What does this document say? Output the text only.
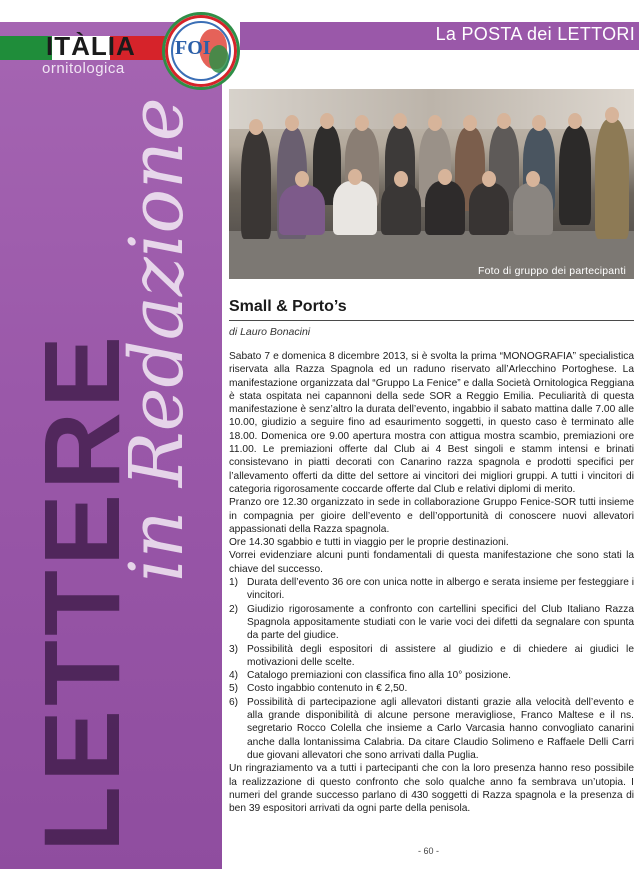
LETTERE
in Redazione
ITÀLIA
ornitologica
FOI
La POSTA dei LETTORI
Foto di gruppo dei partecipanti
Small & Porto’s
di Lauro Bonacini

Sabato 7 e domenica 8 dicembre 2013, si è svolta la prima “MONOGRAFIA” specialistica riservata alla Razza Spagnola ed un raduno riservato all’Arlecchino Portoghese. La manifestazione organizzata dal “Gruppo La Fenice” e dalla Società Ornitologica Reggiana è stata ospitata nei capannoni della sede SOR a Reggio Emilia. Peculiarità di questa manifestazione è senz’altro la durata dell’evento, ingabbio il sabato mattina dalle 7.00 alle 10.00, giudizio a seguire fino ad esaurimento soggetti, in questo caso è terminato alle 18.00. Domenica ore 9.00 apertura mostra con attigua mostra scambio, premiazioni ore 11.00. Le premiazioni offerte dal Club ai 4 Best singoli e stamm intensi e brinati consistevano in piatti decorati con Canarino razza spagnola e prodotti specifici per l’allevamento offerti da ditte del settore ai vincitori dei migliori gruppi. A tutti i vincitori di categoria rigorosamente coccarde offerte dal Club e relativi diplomi di merito.

Pranzo ore 12.30 organizzato in sede in collaborazione Gruppo Fenice-SOR tutti insieme in compagnia per gioire dell’evento e dell’opportunità di conoscere nuovi allevatori appassionati della Razza spagnola.

Ore 14.30 sgabbio e tutti in viaggio per le proprie destinazioni.

Vorrei evidenziare alcuni punti fondamentali di questa manifestazione che sono stati la chiave del successo.

1) Durata dell’evento 36 ore con unica notte in albergo e serata insieme per festeggiare i vincitori.
2) Giudizio rigorosamente a confronto con cartellini specifici del Club Italiano Razza Spagnola appositamente studiati con le varie voci dei difetti da segnalare con spunta da parte del giudice.
3) Possibilità degli espositori di assistere al giudizio e di chiedere ai giudici le motivazioni delle scelte.
4) Catalogo premiazioni con classifica fino alla 10° posizione.
5) Costo ingabbio contenuto in € 2,50.
6) Possibilità di partecipazione agli allevatori distanti grazie alla velocità dell’evento e alla grande disponibilità di alcune persone meravigliose, Franco Maltese e il ns. segretario Rocco Colella che insieme a Carlo Varcasia hanno convogliato canarini anche dalla lontanissima Calabria. Da citare Claudio Solimeno e Raffaele Delli Carri due giovani allevatori che sono arrivati dalla Puglia.

Un ringraziamento va a tutti i partecipanti che con la loro presenza hanno reso possibile la realizzazione di questo confronto che solo qualche anno fa sembrava un’utopia. I numeri del grande successo parlano di 430 soggetti di Razza spagnola e la presenza di ben 39 espositori arrivati da ogni parte della penisola.

- 60 -
